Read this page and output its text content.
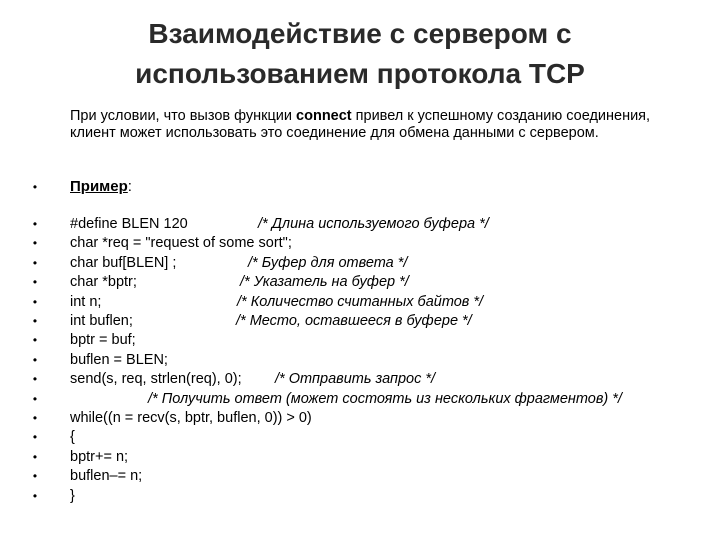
Взаимодействие с сервером с
использованием протокола TCP
При условии, что вызов функции connect привел к успешному созданию соединения, клиент может использовать это соединение для обмена данными с сервером.
• Пример:
• #define BLEN 120	/* Длина используемого буфера */
• char *req = "request of some sort";
• char buf[BLEN] ;	/* Буфер для ответа */
• char *bptr;	/* Указатель на буфер */
• int n;	/* Количество считанных байтов */
• int buflen;	/* Место, оставшееся в буфере */
• bptr = buf;
• buflen = BLEN;
• send(s, req, strlen(req), 0); /* Отправить запрос */
•	/* Получить ответ (может состоять из нескольких фрагментов) */
• while((n = recv(s, bptr, buflen, 0)) > 0)
• {
• bptr+= n;
• buflen–= n;
• }
